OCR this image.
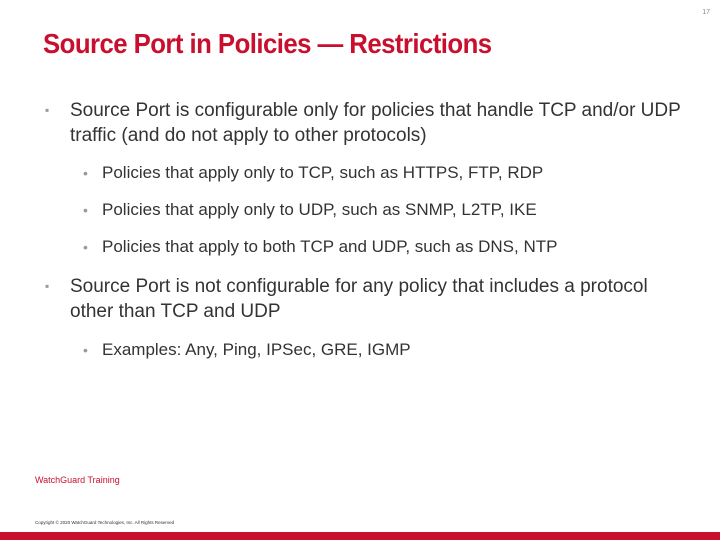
17
Source Port in Policies — Restrictions
▪ Source Port is configurable only for policies that handle TCP and/or UDP traffic (and do not apply to other protocols)
• Policies that apply only to TCP, such as HTTPS, FTP, RDP
• Policies that apply only to UDP, such as SNMP, L2TP, IKE
• Policies that apply to both TCP and UDP, such as DNS, NTP
▪ Source Port is not configurable for any policy that includes a protocol other than TCP and UDP
• Examples: Any, Ping, IPSec, GRE, IGMP
WatchGuard Training
Copyright © 2020 WatchGuard Technologies, Inc. All Rights Reserved
